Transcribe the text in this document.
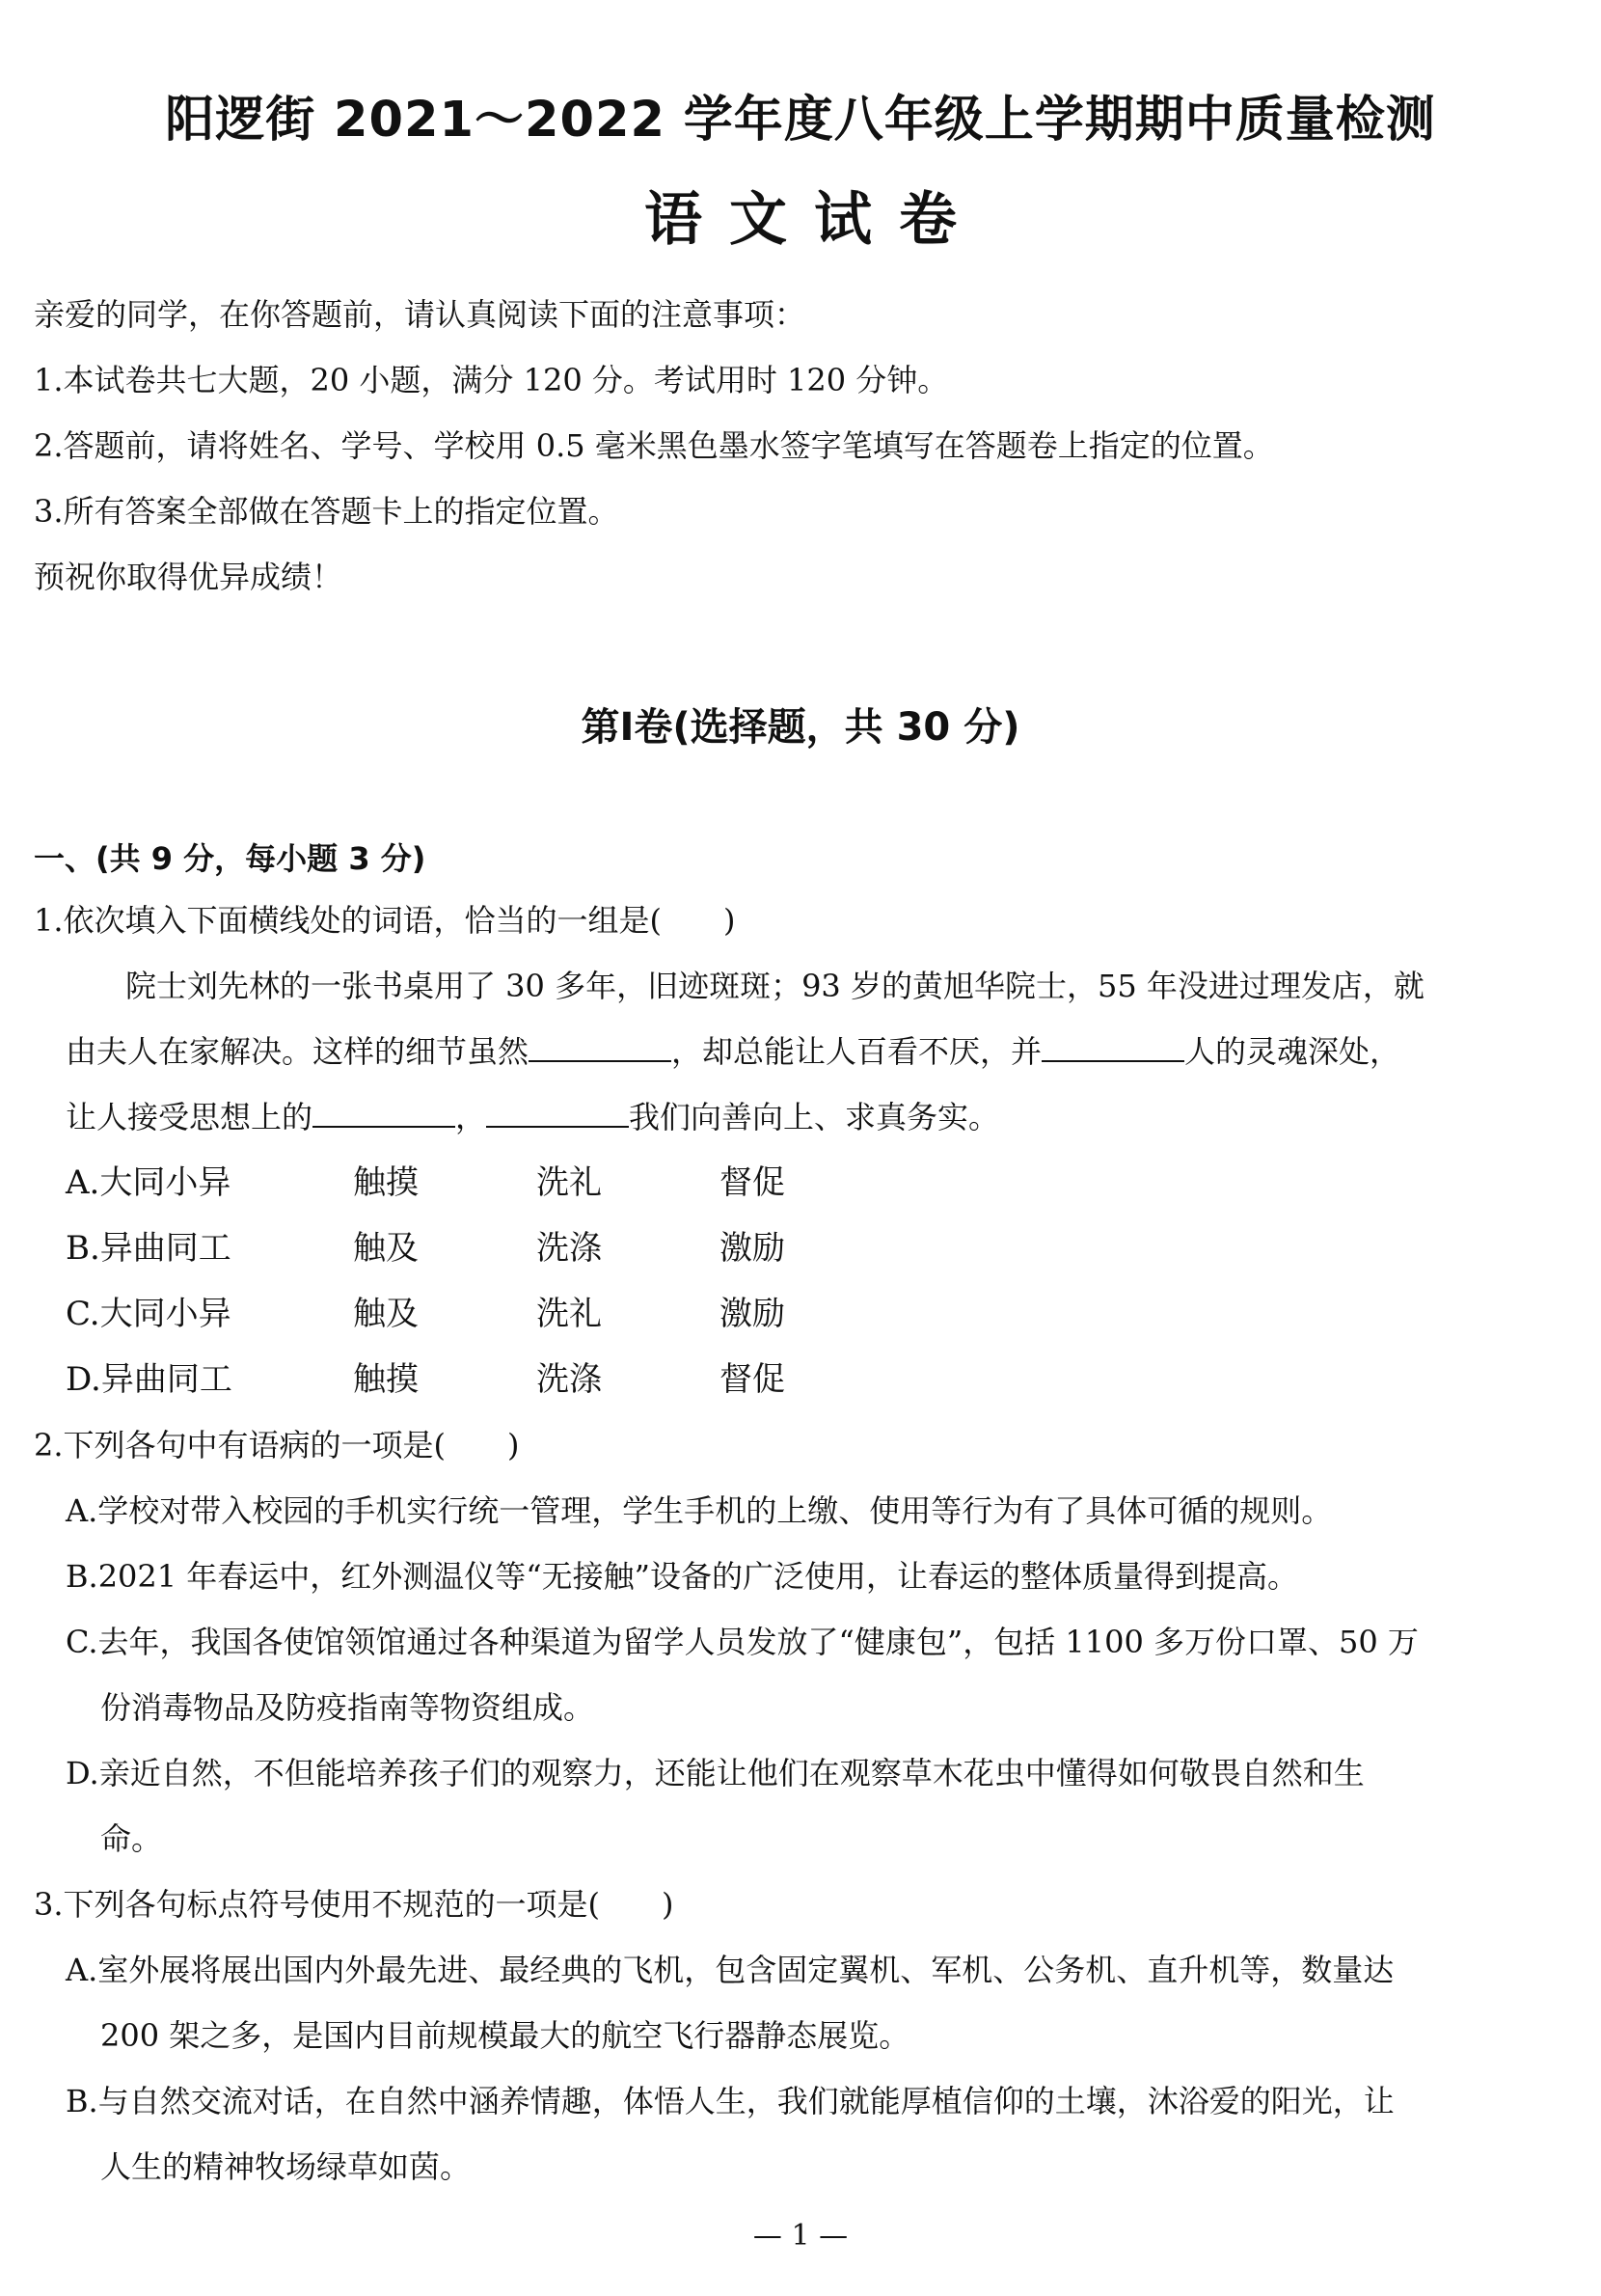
阳逻街 2021～2022 学年度八年级上学期期中质量检测
语文试卷
亲爱的同学，在你答题前，请认真阅读下面的注意事项：
1.本试卷共七大题，20 小题，满分 120 分。考试用时 120 分钟。
2.答题前，请将姓名、学号、学校用 0.5 毫米黑色墨水签字笔填写在答题卷上指定的位置。
3.所有答案全部做在答题卡上的指定位置。
预祝你取得优异成绩！
第Ⅰ卷(选择题，共 30 分)
一、(共 9 分，每小题 3 分)
1.依次填入下面横线处的词语，恰当的一组是(　　)
院士刘先林的一张书桌用了 30 多年，旧迹斑斑；93 岁的黄旭华院士，55 年没进过理发店，就
由夫人在家解决。这样的细节虽然	，却总能让人百看不厌，并	人的灵魂深处，
让人接受思想上的	，	我们向善向上、求真务实。
A.大同小异	触摸	洗礼	督促
B.异曲同工	触及	洗涤	激励
C.大同小异	触及	洗礼	激励
D.异曲同工	触摸	洗涤	督促
2.下列各句中有语病的一项是(　　)
A.学校对带入校园的手机实行统一管理，学生手机的上缴、使用等行为有了具体可循的规则。
B.2021 年春运中，红外测温仪等“无接触”设备的广泛使用，让春运的整体质量得到提高。
C.去年，我国各使馆领馆通过各种渠道为留学人员发放了“健康包”，包括 1100 多万份口罩、50 万
份消毒物品及防疫指南等物资组成。
D.亲近自然，不但能培养孩子们的观察力，还能让他们在观察草木花虫中懂得如何敬畏自然和生
命。
3.下列各句标点符号使用不规范的一项是(　　)
A.室外展将展出国内外最先进、最经典的飞机，包含固定翼机、军机、公务机、直升机等，数量达
200 架之多，是国内目前规模最大的航空飞行器静态展览。
B.与自然交流对话，在自然中涵养情趣，体悟人生，我们就能厚植信仰的土壤，沐浴爱的阳光，让
人生的精神牧场绿草如茵。
— 1 —
